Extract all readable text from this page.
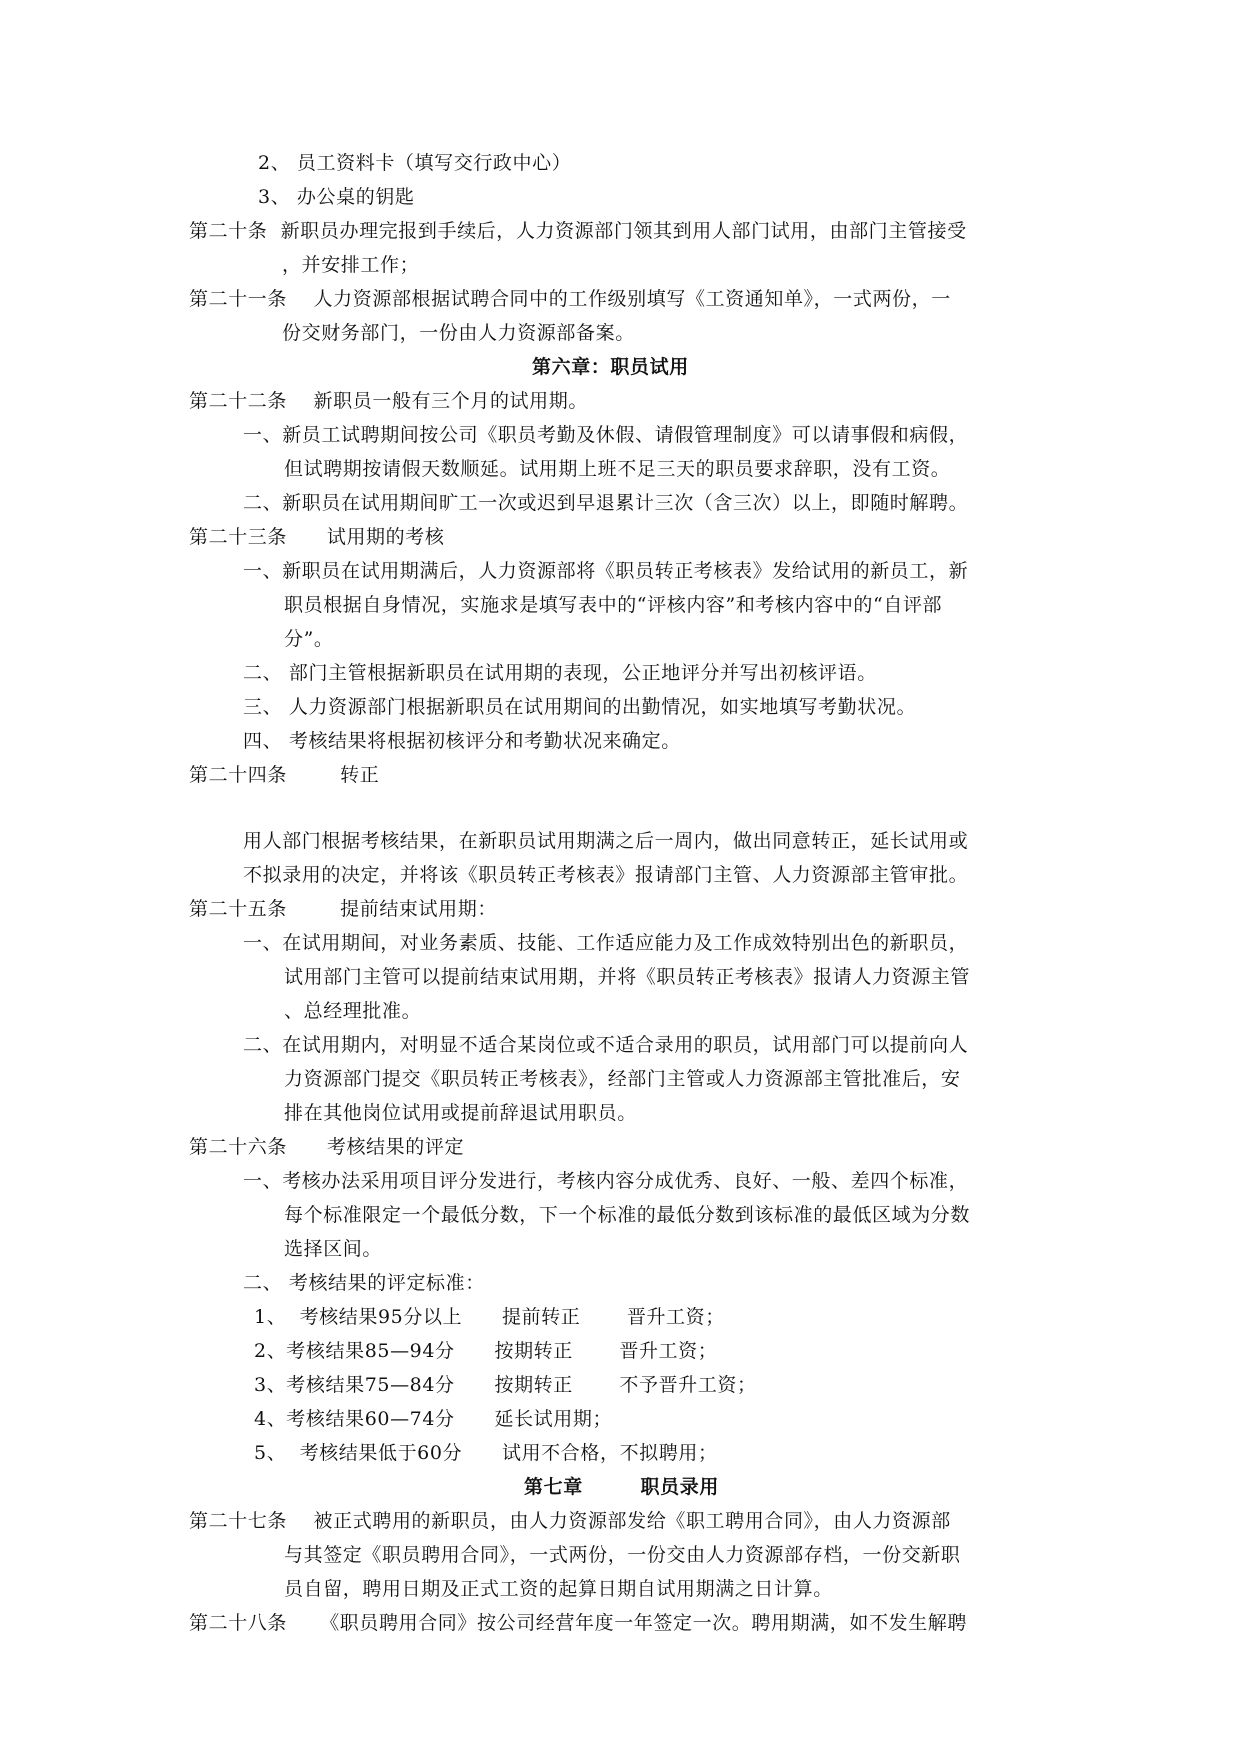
2、 员工资料卡（填写交行政中心）
3、 办公桌的钥匙
第二十条  新职员办理完报到手续后，人力资源部门领其到用人部门试用，由部门主管接受
，并安排工作；
第二十一条    人力资源部根据试聘合同中的工作级别填写《工资通知单》，一式两份，一
份交财务部门，一份由人力资源部备案。
第六章：职员试用
第二十二条    新职员一般有三个月的试用期。
一、新员工试聘期间按公司《职员考勤及休假、请假管理制度》可以请事假和病假，
但试聘期按请假天数顺延。试用期上班不足三天的职员要求辞职，没有工资。
二、新职员在试用期间旷工一次或迟到早退累计三次（含三次）以上，即随时解聘。
第二十三条      试用期的考核
一、新职员在试用期满后，人力资源部将《职员转正考核表》发给试用的新员工，新
职员根据自身情况，实施求是填写表中的“评核内容”和考核内容中的“自评部
分”。
二、 部门主管根据新职员在试用期的表现，公正地评分并写出初核评语。
三、 人力资源部门根据新职员在试用期间的出勤情况，如实地填写考勤状况。
四、 考核结果将根据初核评分和考勤状况来确定。
第二十四条        转正
用人部门根据考核结果，在新职员试用期满之后一周内，做出同意转正，延长试用或
不拟录用的决定，并将该《职员转正考核表》报请部门主管、人力资源部主管审批。
第二十五条        提前结束试用期：
一、在试用期间，对业务素质、技能、工作适应能力及工作成效特别出色的新职员，
试用部门主管可以提前结束试用期，并将《职员转正考核表》报请人力资源主管
、总经理批准。
二、在试用期内，对明显不适合某岗位或不适合录用的职员，试用部门可以提前向人
力资源部门提交《职员转正考核表》，经部门主管或人力资源部主管批准后，安
排在其他岗位试用或提前辞退试用职员。
第二十六条      考核结果的评定
一、考核办法采用项目评分发进行，考核内容分成优秀、良好、一般、差四个标准，
每个标准限定一个最低分数，下一个标准的最低分数到该标准的最低区域为分数
选择区间。
二、 考核结果的评定标准：
1、  考核结果95分以上      提前转正       晋升工资；
2、考核结果85—94分      按期转正       晋升工资；
3、考核结果75—84分      按期转正       不予晋升工资；
4、考核结果60—74分      延长试用期；
5、  考核结果低于60分      试用不合格，不拟聘用；
第七章        职员录用
第二十七条    被正式聘用的新职员，由人力资源部发给《职工聘用合同》，由人力资源部
与其签定《职员聘用合同》，一式两份，一份交由人力资源部存档，一份交新职
员自留，聘用日期及正式工资的起算日期自试用期满之日计算。
第二十八条     《职员聘用合同》按公司经营年度一年签定一次。聘用期满，如不发生解聘
